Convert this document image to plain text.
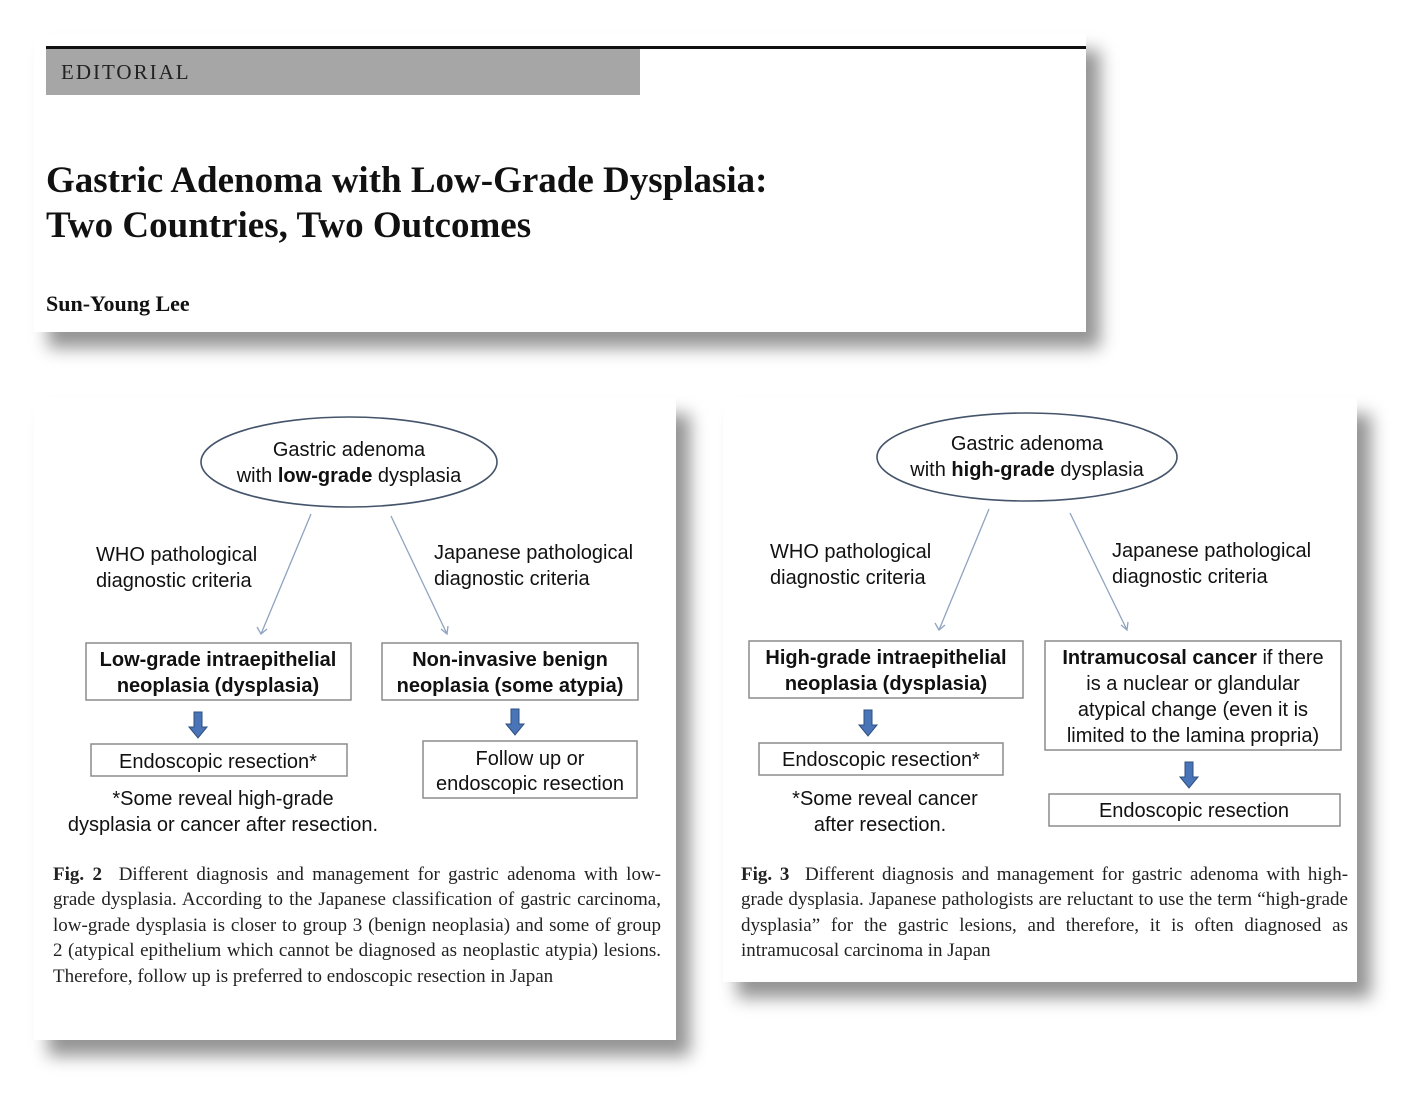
EDITORIAL
Gastric Adenoma with Low-Grade Dysplasia:
Two Countries, Two Outcomes
Sun-Young Lee
Gastric adenoma
with low-grade dysplasia
WHO pathological
diagnostic criteria
Japanese pathological
diagnostic criteria
Low-grade intraepithelial
neoplasia (dysplasia)
Non-invasive benign
neoplasia (some atypia)
Endoscopic resection*	Follow up or
endoscopic resection
*Some reveal high-grade
dysplasia or cancer after resection.

Fig. 2 Different diagnosis and management for gastric adenoma with low-grade dysplasia. According to the Japanese classification of gastric carcinoma, low-grade dysplasia is closer to group 3 (benign neoplasia) and some of group 2 (atypical epithelium which cannot be diagnosed as neoplastic atypia) lesions. Therefore, follow up is preferred to endoscopic resection in Japan

Gastric adenoma
with high-grade dysplasia
WHO pathological
diagnostic criteria
Japanese pathological
diagnostic criteria
High-grade intraepithelial
neoplasia (dysplasia)
Intramucosal cancer if there
is a nuclear or glandular
atypical change (even it is
limited to the lamina propria)
Endoscopic resection*
Endoscopic resection
*Some reveal cancer
after resection.

Fig. 3 Different diagnosis and management for gastric adenoma with high-grade dysplasia. Japanese pathologists are reluctant to use the term “high-grade dysplasia” for the gastric lesions, and therefore, it is often diagnosed as intramucosal carcinoma in Japan
